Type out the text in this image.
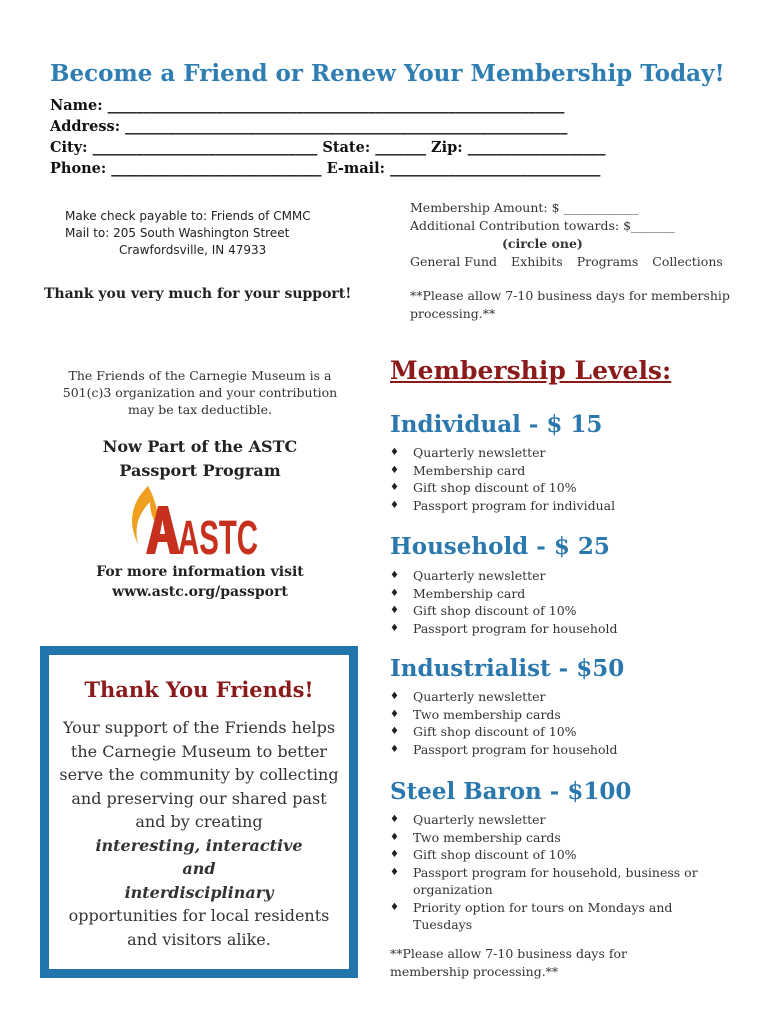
Become a Friend or Renew Your Membership Today!
Name: _______________________________________________________________
Address: _____________________________________________________________
City: _______________________________ State: _______ Zip: ___________________
Phone: _____________________________ E-mail: _____________________________
Make check payable to: Friends of CMMC
Mail to: 205 South Washington Street
Crawfordsville, IN 47933
Thank you very much for your support!
Membership Amount: $ ____________
Additional Contribution towards: $_______
(circle one)
General Fund Exhibits Programs Collections
**Please allow 7-10 business days for membership processing.**
The Friends of the Carnegie Museum is a 501(c)3 organization and your contribution may be tax deductible.
Now Part of the ASTC
Passport Program
ASTC
For more information visit
www.astc.org/passport
Thank You Friends!
Your support of the Friends helps the Carnegie Museum to better serve the community by collecting and preserving our shared past and by creating
interesting, interactive
and
interdisciplinary
opportunities for local residents and visitors alike.
Membership Levels:
Individual - $ 15
♦ Quarterly newsletter
♦ Membership card
♦ Gift shop discount of 10%
♦ Passport program for individual
Household - $ 25
♦ Quarterly newsletter
♦ Membership card
♦ Gift shop discount of 10%
♦ Passport program for household
Industrialist - $50
♦ Quarterly newsletter
♦ Two membership cards
♦ Gift shop discount of 10%
♦ Passport program for household
Steel Baron - $100
♦ Quarterly newsletter
♦ Two membership cards
♦ Gift shop discount of 10%
♦ Passport program for household, business or organization
♦ Priority option for tours on Mondays and Tuesdays
**Please allow 7-10 business days for membership processing.**
